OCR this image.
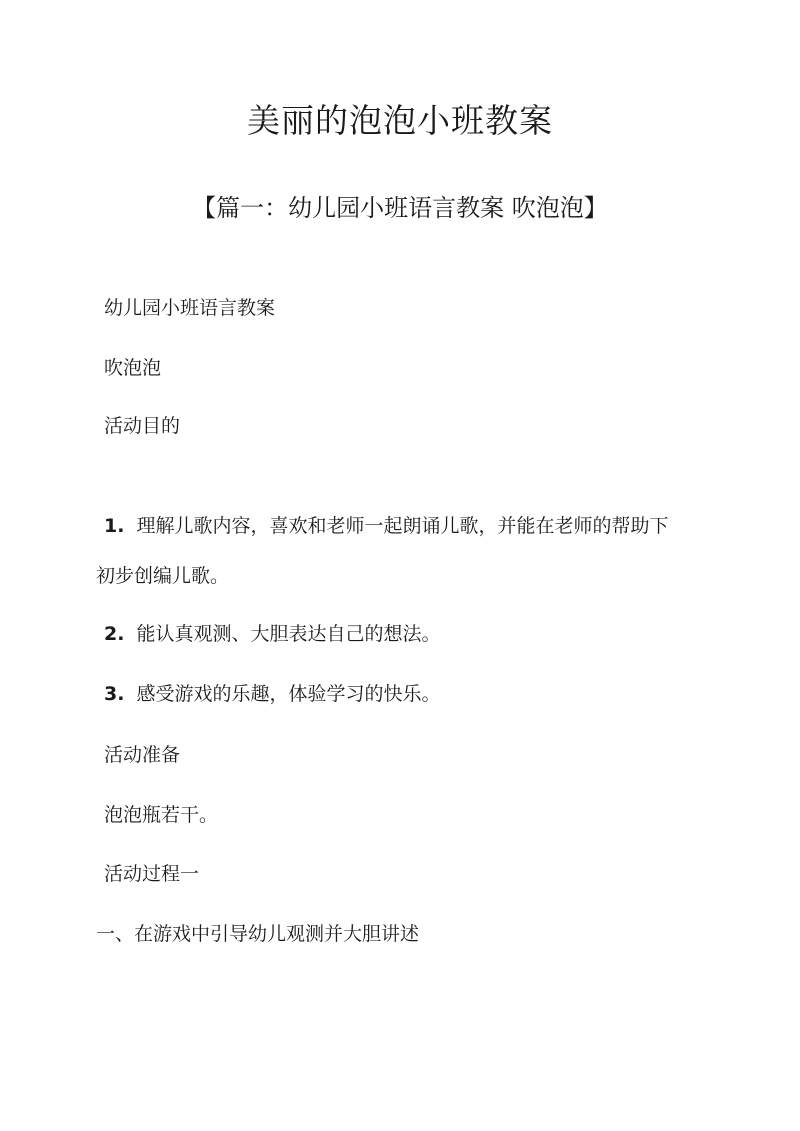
美丽的泡泡小班教案
【篇一：幼儿园小班语言教案 吹泡泡】
幼儿园小班语言教案
吹泡泡
活动目的
1. 理解儿歌内容，喜欢和老师一起朗诵儿歌，并能在老师的帮助下
初步创编儿歌。
2. 能认真观测、大胆表达自己的想法。
3. 感受游戏的乐趣，体验学习的快乐。
活动准备
泡泡瓶若干。
活动过程一
一、在游戏中引导幼儿观测并大胆讲述
